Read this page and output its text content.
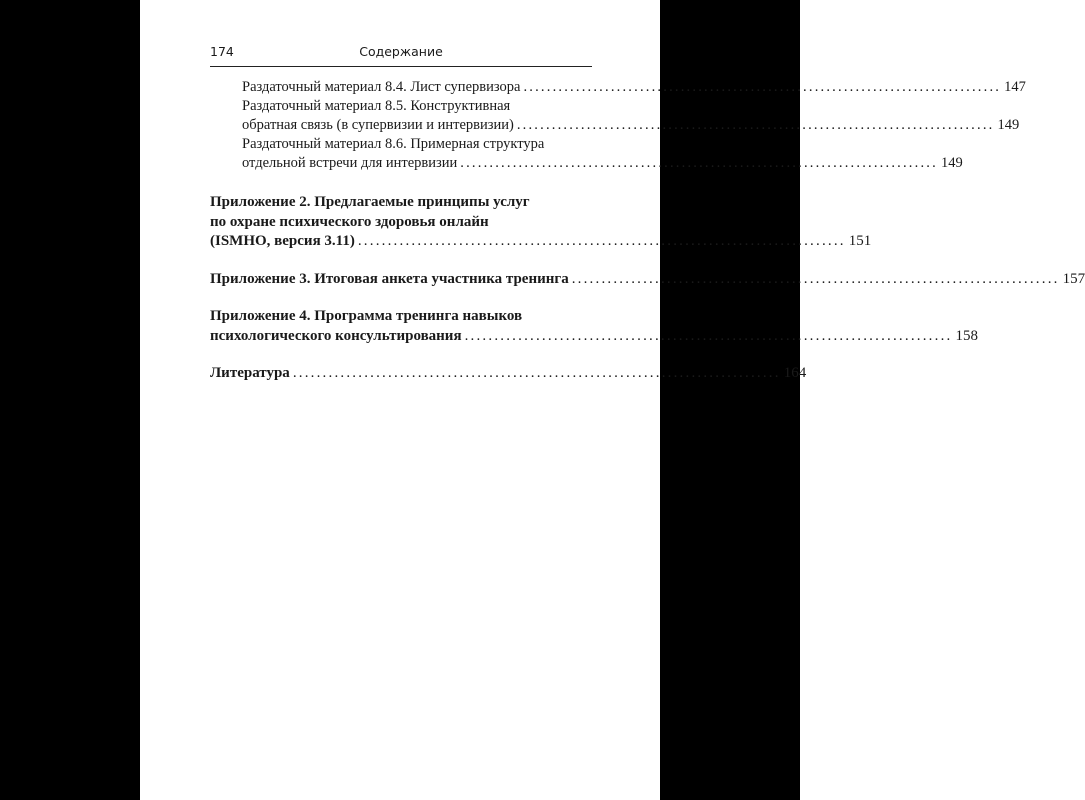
174	Содержание
Раздаточный материал 8.4. Лист супервизора .................................................................................. 147
Раздаточный материал 8.5. Конструктивная
обратная связь (в супервизии и интервизии) .................................................................................. 149
Раздаточный материал 8.6. Примерная структура
отдельной встречи для интервизии .................................................................................. 149
Приложение 2. Предлагаемые принципы услуг
по охране психического здоровья онлайн
(ISMHO, версия 3.11) .................................................................................. 151
Приложение 3. Итоговая анкета участника тренинга .................................................................................. 157
Приложение 4. Программа тренинга навыков
психологического консультирования .................................................................................. 158
Литература .................................................................................. 164
